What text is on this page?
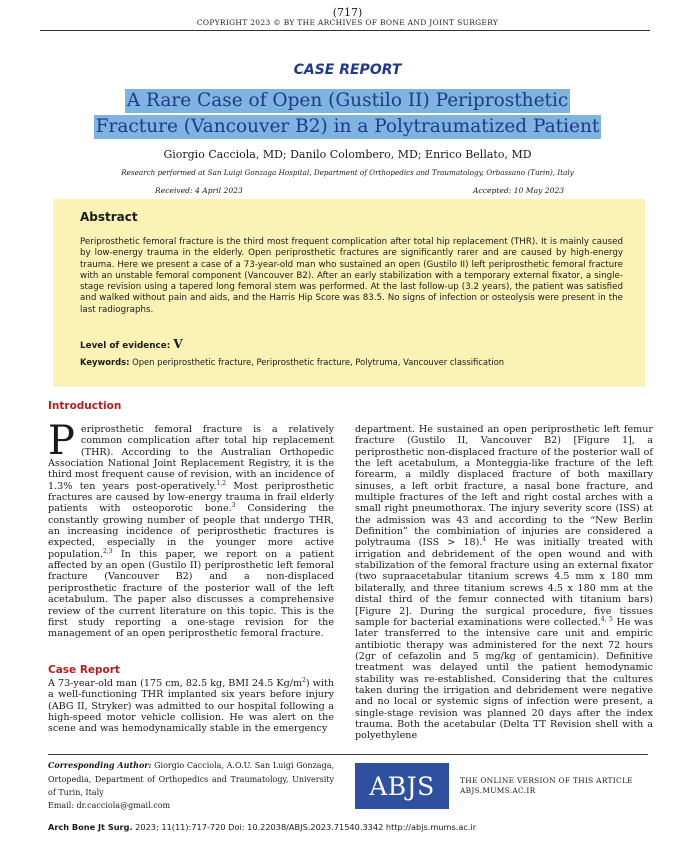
(717)
COPYRIGHT 2023 © BY THE ARCHIVES OF BONE AND JOINT SURGERY
CASE REPORT
A Rare Case of Open (Gustilo II) Periprosthetic
Fracture (Vancouver B2) in a Polytraumatized Patient
Giorgio Cacciola, MD; Danilo Colombero, MD; Enrico Bellato, MD
Research performed at San Luigi Gonzaga Hospital, Department of Orthopedics and Traumatology, Orbassano (Turin), Italy
Received: 4 April 2023	Accepted: 10 May 2023
Abstract
Periprosthetic femoral fracture is the third most frequent complication after total hip replacement (THR). It is mainly caused by low-energy trauma in the elderly. Open periprosthetic fractures are significantly rarer and are caused by high-energy trauma. Here we present a case of a 73-year-old man who sustained an open (Gustilo II) left periprosthetic femoral fracture with an unstable femoral component (Vancouver B2). After an early stabilization with a temporary external fixator, a single-stage revision using a tapered long femoral stem was performed. At the last follow-up (3.2 years), the patient was satisfied and walked without pain and aids, and the Harris Hip Score was 83.5. No signs of infection or osteolysis were present in the last radiographs.
Level of evidence: V
Keywords: Open periprosthetic fracture, Periprosthetic fracture, Polytruma, Vancouver classification
Introduction

Periprosthetic femoral fracture is a relatively common complication after total hip replacement (THR). According to the Australian Orthopedic Association National Joint Replacement Registry, it is the third most frequent cause of revision, with an incidence of 1.3% ten years post-operatively.$^{1,2}$ Most periprosthetic fractures are caused by low-energy trauma in frail elderly patients with osteoporotic bone.$^3$ Considering the constantly growing number of people that undergo THR, an increasing incidence of periprosthetic fractures is expected, especially in the younger more active population.$^{2,3}$ In this paper, we report on a patient affected by an open (Gustilo II) periprosthetic left femoral fracture (Vancouver B2) and a non-displaced periprosthetic fracture of the posterior wall of the left acetabulum. The paper also discusses a comprehensive review of the current literature on this topic. This is the first study reporting a one-stage revision for the management of an open periprosthetic femoral fracture.

Case Report

A 73-year-old man (175 cm, 82.5 kg, BMI 24.5 $Kg/m^2$) with a well-functioning THR implanted six years before injury (ABG II, Stryker) was admitted to our hospital following a high-speed motor vehicle collision. He was alert on the scene and was hemodynamically stable in the emergency

department. He sustained an open periprosthetic left femur fracture (Gustilo II, Vancouver B2) [Figure 1], a periprosthetic non-displaced fracture of the posterior wall of the left acetabulum, a Monteggia-like fracture of the left forearm, a mildly displaced fracture of both maxillary sinuses, a left orbit fracture, a nasal bone fracture, and multiple fractures of the left and right costal arches with a small right pneumothorax. The injury severity score (ISS) at the admission was 43 and according to the “New Berlin Definition” the combiniation of injuries are considered a polytrauma (ISS > 18).$^4$ He was initially treated with irrigation and debridement of the open wound and with stabilization of the femoral fracture using an external fixator (two supraacetabular titanium screws 4.5 mm x 180 mm bilaterally, and three titanium screws 4.5 x 180 mm at the distal third of the femur connected with titanium bars) [Figure 2]. During the surgical procedure, five tissues sample for bacterial examinations were collected.$^{4, 5}$ He was later transferred to the intensive care unit and empiric antibiotic therapy was administered for the next 72 hours (2gr of cefazolin and 5 mg/kg of gentamicin). Definitive treatment was delayed until the patient hemodynamic stability was re-established. Considering that the cultures taken during the irrigation and debridement were negative and no local or systemic signs of infection were present, a single-stage revision was planned 20 days after the index trauma. Both the acetabular (Delta TT Revision shell with a polyethylene

Corresponding Author: Giorgio Cacciola, A.O.U. San Luigi Gonzaga, Ortopedia, Department of Orthopedics and Traumatology, University of Turin, Italy
Email: dr.cacciola@gmail.com
ABJS	THE ONLINE VERSION OF THIS ARTICLE
ABJS.MUMS.AC.IR
Arch Bone Jt Surg. 2023; 11(11):717-720 Doi: 10.22038/ABJS.2023.71540.3342 http://abjs.mums.ac.ir
